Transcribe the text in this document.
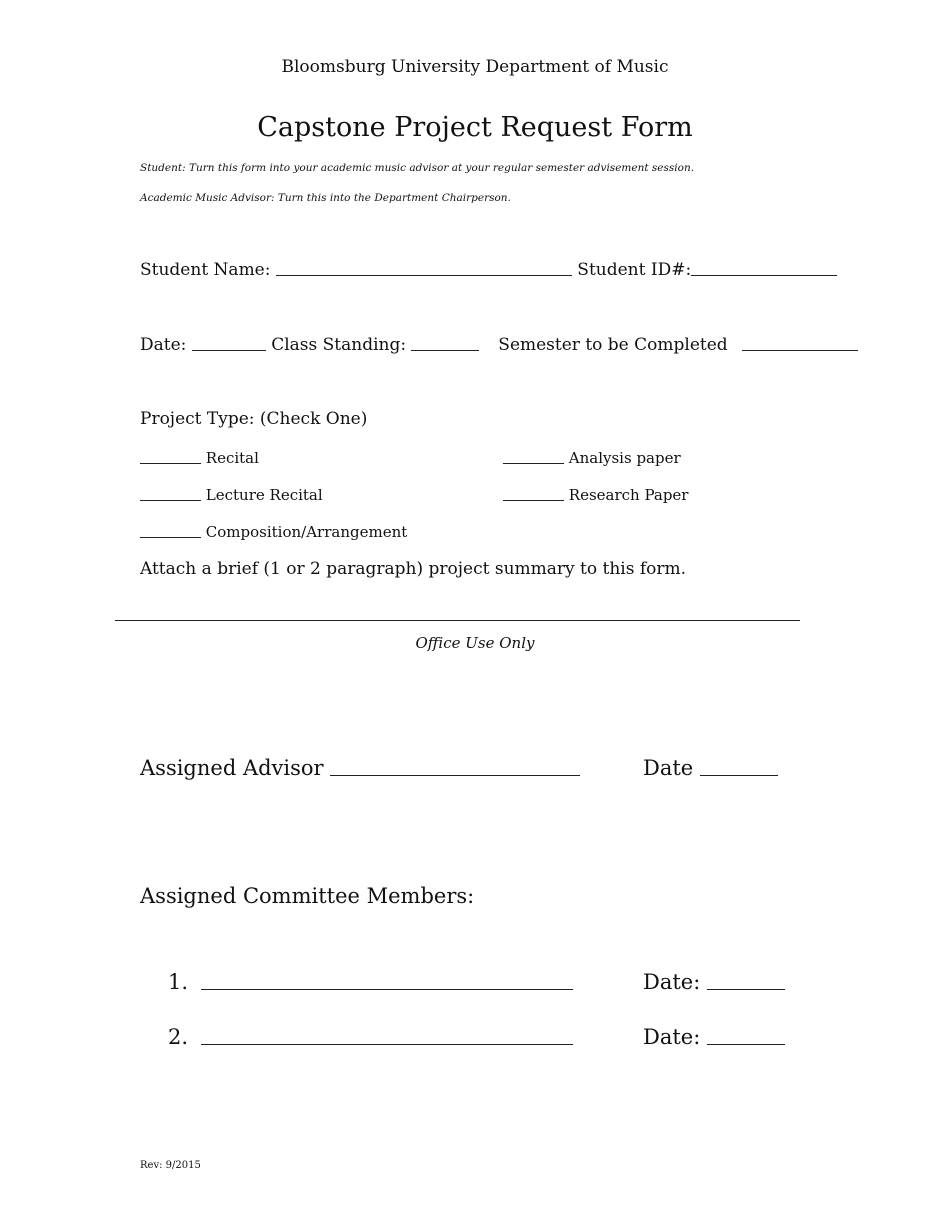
Bloomsburg University Department of Music
Capstone Project Request Form
Student: Turn this form into your academic music advisor at your regular semester advisement session.
Academic Music Advisor: Turn this into the Department Chairperson.
Student Name:	Student ID#:
Date:	Class Standing:	Semester to be Completed
Project Type: (Check One)
Recital	Analysis paper
Lecture Recital	Research Paper
Composition/Arrangement
Attach a brief (1 or 2 paragraph) project summary to this form.
Office Use Only
Assigned Advisor	Date
Assigned Committee Members:
1.	Date:
2.	Date:
Rev: 9/2015
